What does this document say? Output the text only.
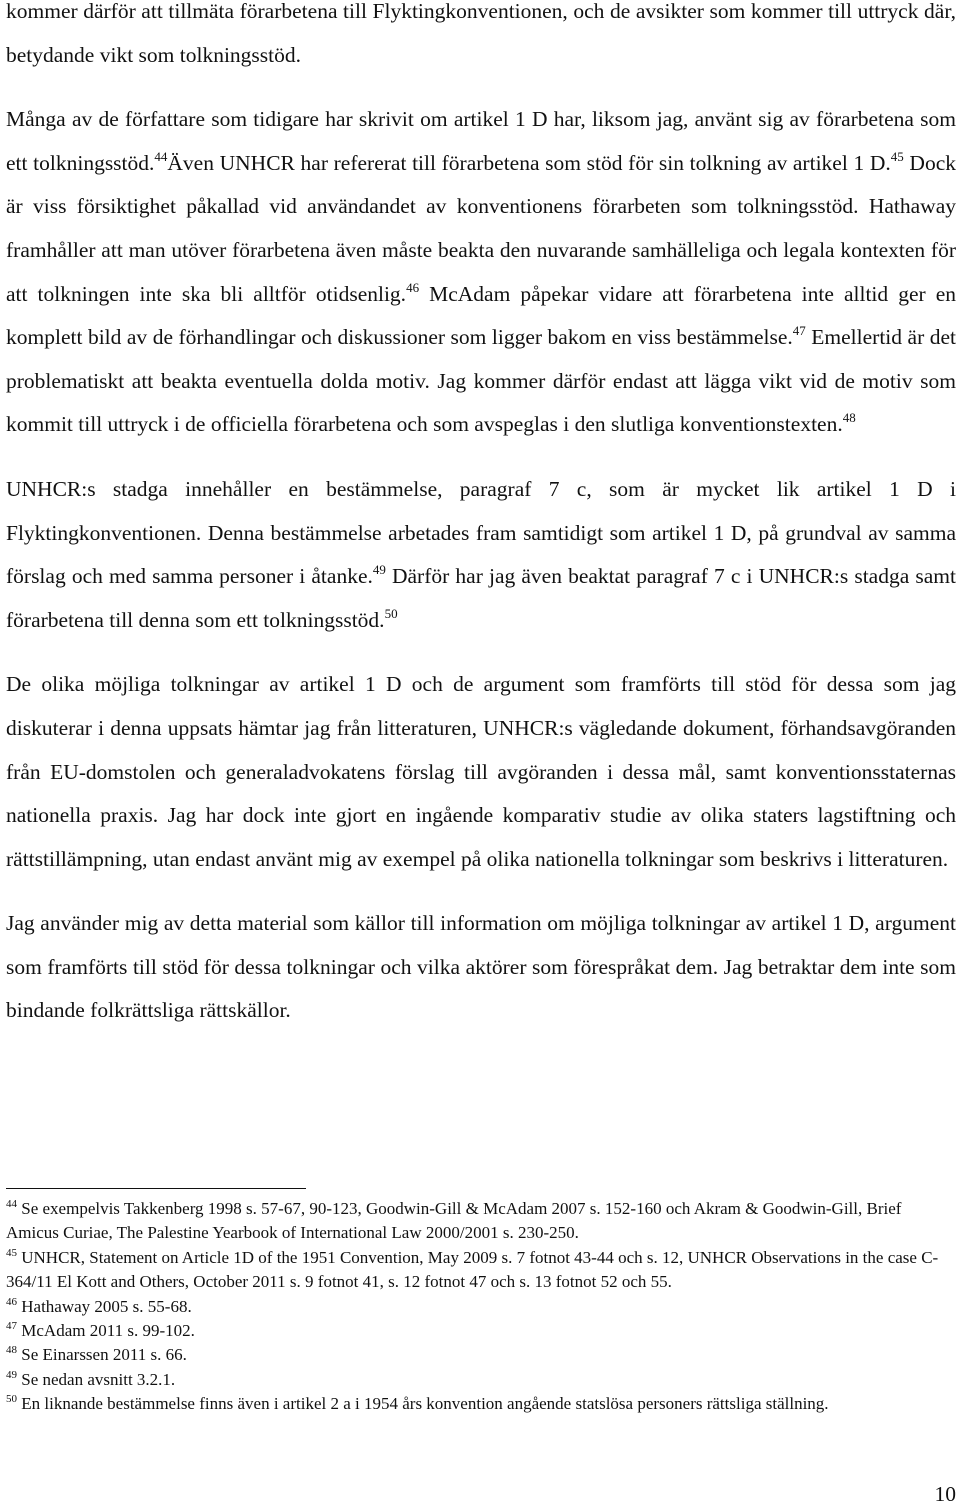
kommer därför att tillmäta förarbetena till Flyktingkonventionen, och de avsikter som kommer till uttryck där, betydande vikt som tolkningsstöd.

Många av de författare som tidigare har skrivit om artikel 1 D har, liksom jag, använt sig av förarbetena som ett tolkningsstöd.$^{44}$Även UNHCR har refererat till förarbetena som stöd för sin tolkning av artikel 1 D.$^{45}$ Dock är viss försiktighet påkallad vid användandet av konventionens förarbeten som tolkningsstöd. Hathaway framhåller att man utöver förarbetena även måste beakta den nuvarande samhälleliga och legala kontexten för att tolkningen inte ska bli alltför otidsenlig.$^{46}$ McAdam påpekar vidare att förarbetena inte alltid ger en komplett bild av de förhandlingar och diskussioner som ligger bakom en viss bestämmelse.$^{47}$ Emellertid är det problematiskt att beakta eventuella dolda motiv. Jag kommer därför endast att lägga vikt vid de motiv som kommit till uttryck i de officiella förarbetena och som avspeglas i den slutliga konventionstexten.$^{48}$

UNHCR:s stadga innehåller en bestämmelse, paragraf 7 c, som är mycket lik artikel 1 D i Flyktingkonventionen. Denna bestämmelse arbetades fram samtidigt som artikel 1 D, på grundval av samma förslag och med samma personer i åtanke.$^{49}$ Därför har jag även beaktat paragraf 7 c i UNHCR:s stadga samt förarbetena till denna som ett tolkningsstöd.$^{50}$

De olika möjliga tolkningar av artikel 1 D och de argument som framförts till stöd för dessa som jag diskuterar i denna uppsats hämtar jag från litteraturen, UNHCR:s vägledande dokument, förhandsavgöranden från EU-domstolen och generaladvokatens förslag till avgöranden i dessa mål, samt konventionsstaternas nationella praxis. Jag har dock inte gjort en ingående komparativ studie av olika staters lagstiftning och rättstillämpning, utan endast använt mig av exempel på olika nationella tolkningar som beskrivs i litteraturen.

Jag använder mig av detta material som källor till information om möjliga tolkningar av artikel 1 D, argument som framförts till stöd för dessa tolkningar och vilka aktörer som förespråkat dem. Jag betraktar dem inte som bindande folkrättsliga rättskällor.

$^{44}$ Se exempelvis Takkenberg 1998 s. 57-67, 90-123, Goodwin-Gill & McAdam 2007 s. 152-160 och Akram & Goodwin-Gill, Brief Amicus Curiae, The Palestine Yearbook of International Law 2000/2001 s. 230-250.

$^{45}$ UNHCR, Statement on Article 1D of the 1951 Convention, May 2009 s. 7 fotnot 43-44 och s. 12, UNHCR Observations in the case C-364/11 El Kott and Others, October 2011 s. 9 fotnot 41, s. 12 fotnot 47 och s. 13 fotnot 52 och 55.

$^{46}$ Hathaway 2005 s. 55-68.

$^{47}$ McAdam 2011 s. 99-102.

$^{48}$ Se Einarssen 2011 s. 66.

$^{49}$ Se nedan avsnitt 3.2.1.

$^{50}$ En liknande bestämmelse finns även i artikel 2 a i 1954 års konvention angående statslösa personers rättsliga ställning.

10
